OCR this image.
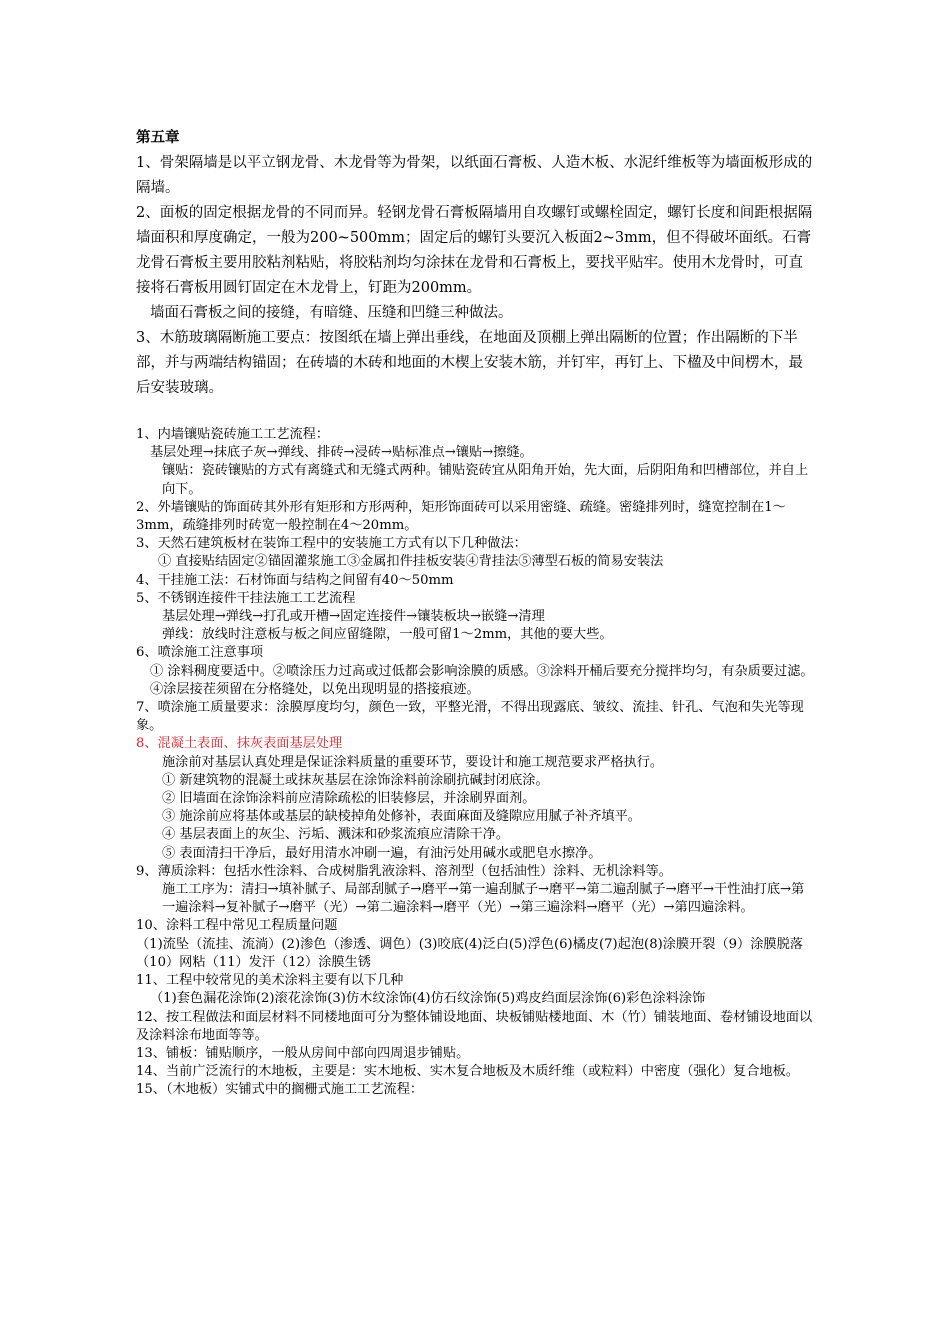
第五章

1、骨架隔墙是以平立钢龙骨、木龙骨等为骨架，以纸面石膏板、人造木板、水泥纤维板等为墙面板形成的隔墙。

2、面板的固定根据龙骨的不同而异。轻钢龙骨石膏板隔墙用自攻螺钉或螺栓固定，螺钉长度和间距根据隔墙面积和厚度确定，一般为200~500mm；固定后的螺钉头要沉入板面2~3mm，但不得破坏面纸。石膏龙骨石膏板主要用胶粘剂粘贴，将胶粘剂均匀涂抹在龙骨和石膏板上，要找平贴牢。使用木龙骨时，可直接将石膏板用圆钉固定在木龙骨上，钉距为200mm。

墙面石膏板之间的接缝，有暗缝、压缝和凹缝三种做法。

3、木筋玻璃隔断施工要点：按图纸在墙上弹出垂线，在地面及顶棚上弹出隔断的位置；作出隔断的下半部，并与两端结构锚固；在砖墙的木砖和地面的木楔上安装木筋，并钉牢，再钉上、下楹及中间楞木，最后安装玻璃。

1、内墙镶贴瓷砖施工工艺流程：

基层处理→抹底子灰→弹线、排砖→浸砖→贴标准点→镶贴→擦缝。

镶贴：瓷砖镶贴的方式有离缝式和无缝式两种。铺贴瓷砖宜从阳角开始，先大面，后阴阳角和凹槽部位，并自上向下。

2、外墙镶贴的饰面砖其外形有矩形和方形两种，矩形饰面砖可以采用密缝、疏缝。密缝排列时，缝宽控制在1～3mm，疏缝排列时砖宽一般控制在4～20mm。

3、天然石建筑板材在装饰工程中的安装施工方式有以下几种做法：

① 直接贴结固定②锚固灌浆施工③金属扣件挂板安装④背挂法⑤薄型石板的简易安装法

4、干挂施工法：石材饰面与结构之间留有40～50mm

5、不锈钢连接件干挂法施工工艺流程

基层处理→弹线→打孔或开槽→固定连接件→镶装板块→嵌缝→清理

弹线：放线时注意板与板之间应留缝隙，一般可留1～2mm，其他的要大些。

6、喷涂施工注意事项

① 涂料稠度要适中。②喷涂压力过高或过低都会影响涂膜的质感。③涂料开桶后要充分搅拌均匀，有杂质要过滤。④涂层接茬须留在分格缝处，以免出现明显的搭接痕迹。

7、喷涂施工质量要求：涂膜厚度均匀，颜色一致，平整光滑，不得出现露底、皱纹、流挂、针孔、气泡和失光等现象。

8、混凝土表面、抹灰表面基层处理

施涂前对基层认真处理是保证涂料质量的重要环节，要设计和施工规范要求严格执行。

① 新建筑物的混凝土或抹灰基层在涂饰涂料前涂刷抗碱封闭底涂。

② 旧墙面在涂饰涂料前应清除疏松的旧装修层，并涂刷界面剂。

③ 施涂前应将基体或基层的缺棱掉角处修补，表面麻面及缝隙应用腻子补齐填平。

④ 基层表面上的灰尘、污垢、溅沫和砂浆流痕应清除干净。

⑤ 表面清扫干净后，最好用清水冲刷一遍，有油污处用碱水或肥皂水擦净。

9、薄质涂料：包括水性涂料、合成树脂乳液涂料、溶剂型（包括油性）涂料、无机涂料等。

施工工序为：清扫→填补腻子、局部刮腻子→磨平→第一遍刮腻子→磨平→第二遍刮腻子→磨平→干性油打底→第一遍涂料→复补腻子→磨平（光）→第二遍涂料→磨平（光）→第三遍涂料→磨平（光）→第四遍涂料。

10、涂料工程中常见工程质量问题

（1)流坠（流挂、流淌）(2)渗色（渗透、调色）(3)咬底(4)泛白(5)浮色(6)橘皮(7)起泡(8)涂膜开裂（9）涂膜脱落（10）网粘（11）发汗（12）涂膜生锈

11、工程中较常见的美术涂料主要有以下几种

（1)套色漏花涂饰(2)滚花涂饰(3)仿木纹涂饰(4)仿石纹涂饰(5)鸡皮绉面层涂饰(6)彩色涂料涂饰

12、按工程做法和面层材料不同楼地面可分为整体铺设地面、块板铺贴楼地面、木（竹）铺装地面、卷材铺设地面以及涂料涂布地面等等。

13、铺板：铺贴顺序，一般从房间中部向四周退步铺贴。

14、当前广泛流行的木地板，主要是：实木地板、实木复合地板及木质纤维（或粒料）中密度（强化）复合地板。

15、（木地板）实铺式中的搁栅式施工工艺流程：
